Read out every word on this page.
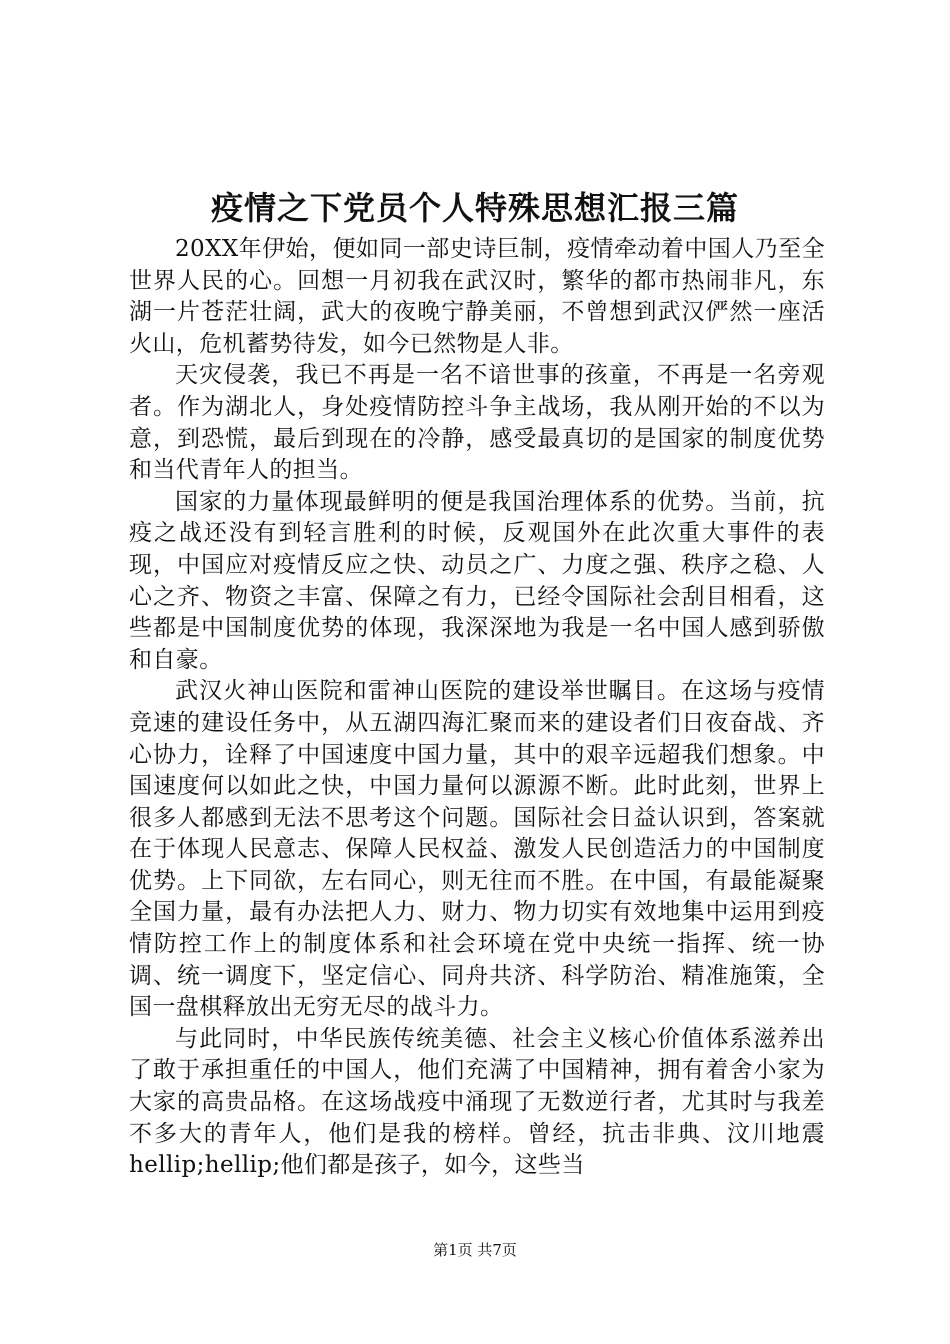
疫情之下党员个人特殊思想汇报三篇

20XX年伊始，便如同一部史诗巨制，疫情牵动着中国人乃至全世界人民的心。回想一月初我在武汉时，繁华的都市热闹非凡，东湖一片苍茫壮阔，武大的夜晚宁静美丽，不曾想到武汉俨然一座活火山，危机蓄势待发，如今已然物是人非。

天灾侵袭，我已不再是一名不谙世事的孩童，不再是一名旁观者。作为湖北人，身处疫情防控斗争主战场，我从刚开始的不以为意，到恐慌，最后到现在的冷静，感受最真切的是国家的制度优势和当代青年人的担当。

国家的力量体现最鲜明的便是我国治理体系的优势。当前，抗疫之战还没有到轻言胜利的时候，反观国外在此次重大事件的表现，中国应对疫情反应之快、动员之广、力度之强、秩序之稳、人心之齐、物资之丰富、保障之有力，已经令国际社会刮目相看，这些都是中国制度优势的体现，我深深地为我是一名中国人感到骄傲和自豪。

武汉火神山医院和雷神山医院的建设举世瞩目。在这场与疫情竞速的建设任务中，从五湖四海汇聚而来的建设者们日夜奋战、齐心协力，诠释了中国速度中国力量，其中的艰辛远超我们想象。中国速度何以如此之快，中国力量何以源源不断。此时此刻，世界上很多人都感到无法不思考这个问题。国际社会日益认识到，答案就在于体现人民意志、保障人民权益、激发人民创造活力的中国制度优势。上下同欲，左右同心，则无往而不胜。在中国，有最能凝聚全国力量，最有办法把人力、财力、物力切实有效地集中运用到疫情防控工作上的制度体系和社会环境在党中央统一指挥、统一协调、统一调度下，坚定信心、同舟共济、科学防治、精准施策，全国一盘棋释放出无穷无尽的战斗力。

与此同时，中华民族传统美德、社会主义核心价值体系滋养出了敢于承担重任的中国人，他们充满了中国精神，拥有着舍小家为大家的高贵品格。在这场战疫中涌现了无数逆行者，尤其时与我差不多大的青年人，他们是我的榜样。曾经，抗击非典、汶川地震hellip;hellip;他们都是孩子，如今，这些当

第1页 共7页
